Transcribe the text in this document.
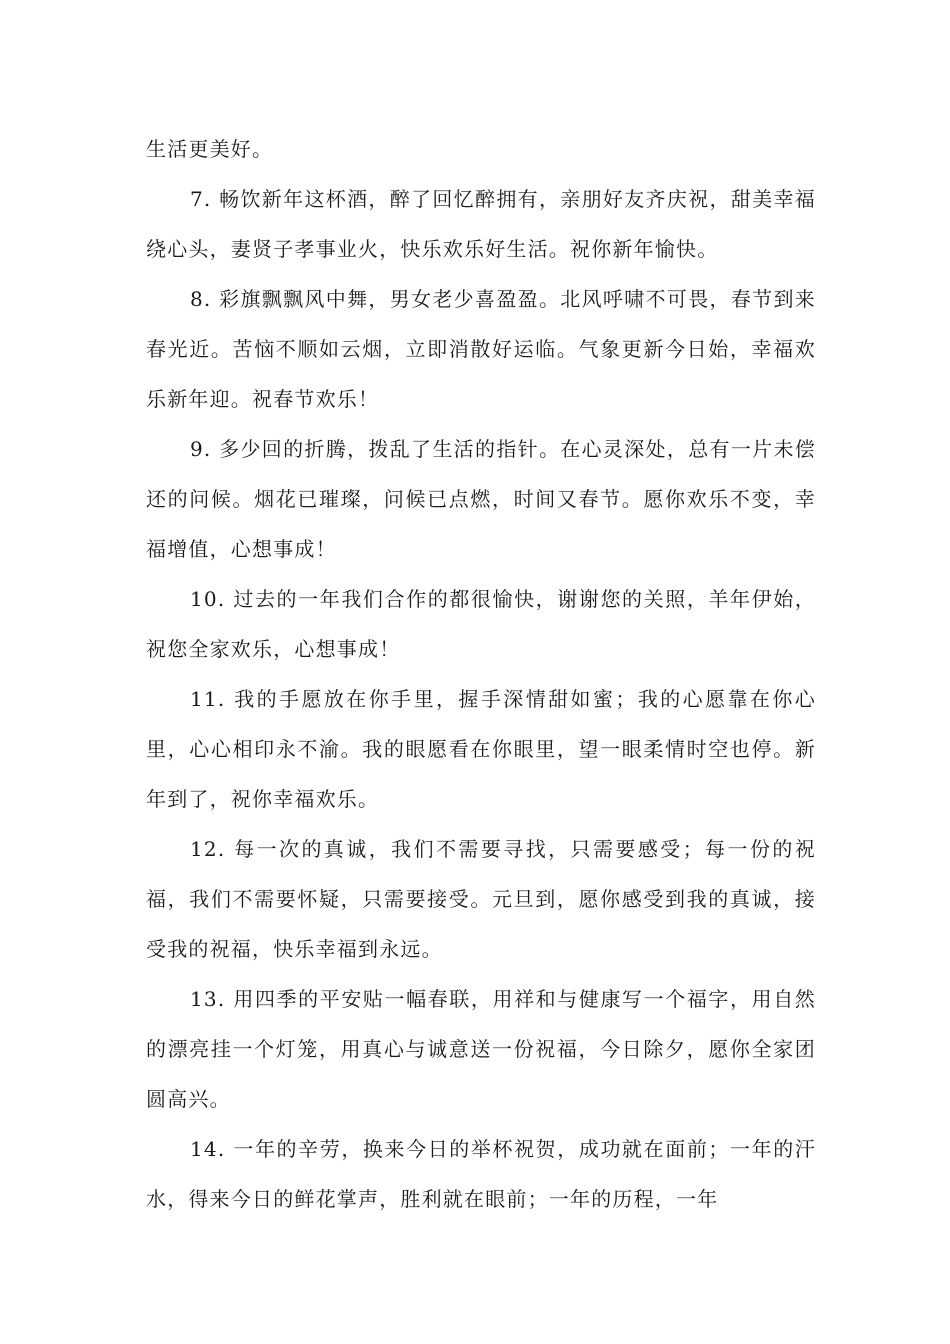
生活更美好。

7. 畅饮新年这杯酒，醉了回忆醉拥有，亲朋好友齐庆祝，甜美幸福绕心头，妻贤子孝事业火，快乐欢乐好生活。祝你新年愉快。

8. 彩旗飘飘风中舞，男女老少喜盈盈。北风呼啸不可畏，春节到来春光近。苦恼不顺如云烟，立即消散好运临。气象更新今日始，幸福欢乐新年迎。祝春节欢乐！

9. 多少回的折腾，拨乱了生活的指针。在心灵深处，总有一片未偿还的问候。烟花已璀璨，问候已点燃，时间又春节。愿你欢乐不变，幸福增值，心想事成！

10. 过去的一年我们合作的都很愉快，谢谢您的关照，羊年伊始，祝您全家欢乐，心想事成！

11. 我的手愿放在你手里，握手深情甜如蜜；我的心愿靠在你心里，心心相印永不渝。我的眼愿看在你眼里，望一眼柔情时空也停。新年到了，祝你幸福欢乐。

12. 每一次的真诚，我们不需要寻找，只需要感受；每一份的祝福，我们不需要怀疑，只需要接受。元旦到，愿你感受到我的真诚，接受我的祝福，快乐幸福到永远。

13. 用四季的平安贴一幅春联，用祥和与健康写一个福字，用自然的漂亮挂一个灯笼，用真心与诚意送一份祝福，今日除夕，愿你全家团圆高兴。

14. 一年的辛劳，换来今日的举杯祝贺，成功就在面前；一年的汗水，得来今日的鲜花掌声，胜利就在眼前；一年的历程，一年
